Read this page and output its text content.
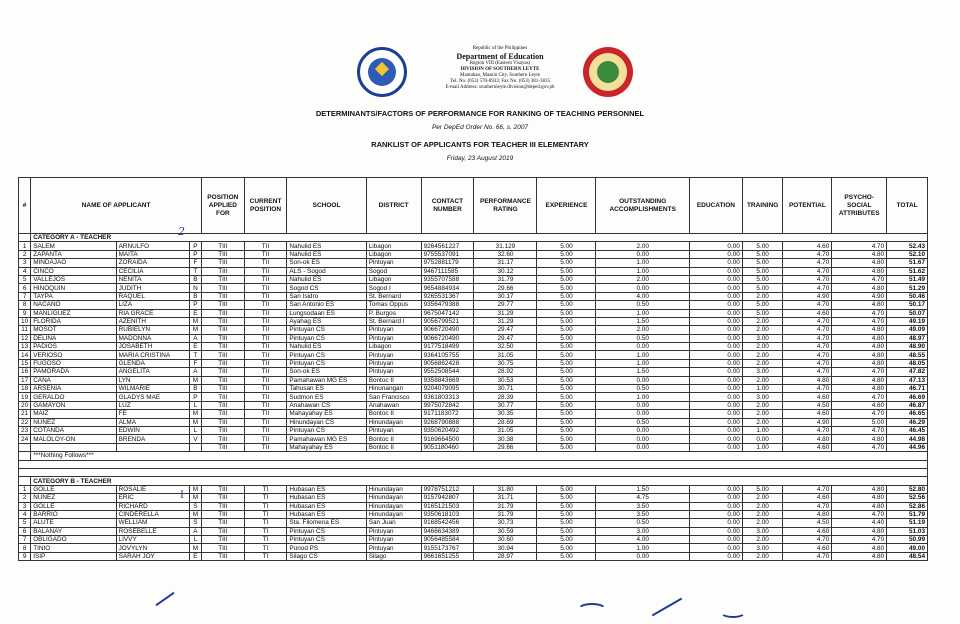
Republic of the Philippines
Department of Education
Region VIII (Eastern Visayas)
DIVISION OF SOUTHERN LEYTE
Mantahan, Maasin City, Southern Leyte
Tel. No. (053) 570-8933; Fax No. (053) 381-3835
E-mail Address: southernleyte.division@deped.gov.ph
DETERMINANTS/FACTORS OF PERFORMANCE FOR RANKING OF TEACHING PERSONNEL
Per DepEd Order No. 66, s. 2007
RANKLIST OF APPLICANTS FOR TEACHER III ELEMENTARY
Friday, 23 August 2019
#	NAME OF APPLICANT			POSITION APPLIED FOR	CURRENT POSITION	SCHOOL	DISTRICT	CONTACT NUMBER	PERFORMANCE RATING	EXPERIENCE	OUTSTANDING ACCOMPLISHMENTS	EDUCATION	TRAINING	POTENTIAL	PSYCHO-SOCIAL ATTRIBUTES	TOTAL
	CATEGORY A - TEACHER															
1	SALEM	ARNULFO	P	TIII	TII	Nahulid ES	Libagon	9264561227	31.129	5.00	2.00	0.00	5.00	4.60	4.70	52.43
2	ZAPANTA	MAITA	P	TIII	TII	Nahulid ES	Libagon	9755537091	32.60	5.00	0.00	0.00	5.00	4.70	4.80	52.10
3	MINDAJAO	ZORAIDA	F	TIII	TII	Son-ok ES	Pintuyan	9752881179	31.17	5.00	1.00	0.00	5.00	4.70	4.80	51.67
4	CINCO	CECILIA	T	TIII	TII	ALS - Sogod	Sogod	9467111585	30.12	5.00	1.00	0.00	5.00	4.70	4.80	51.62
5	VALLEJOS	NENITA	B	TIII	TII	Nahulid ES	Libagon	9355707588	31.79	5.00	2.00	0.00	5.00	4.70	4.70	51.49
6	HINOQUIN	JUDITH	N	TIII	TII	Sogod CS	Sogod I	9654884934	29.66	5.00	0.00	0.00	5.00	4.70	4.80	51.29
7	TAYPA	RAQUEL	B	TIII	TII	San Isidro	St. Bernard	9265531367	30.17	5.00	4.00	0.00	2.00	4.90	4.90	50.46
8	NACANO	LIZA	P	TIII	TII	San Antonio ES	Tomas Oppus	9356479388	29.77	5.00	0.50	0.00	5.00	4.70	4.80	50.17
9	MANLIGUEZ	RIA GRACE	E	TIII	TII	Lungsodaan ES	P. Burgos	9675047142	31.29	5.00	1.00	0.00	5.00	4.60	4.70	50.07
10	FLORIDA	AZENITH	M	TIII	TII	Ayahag ES	St. Bernard I	9056799521	31.29	5.00	1.50	0.00	2.00	4.70	4.70	49.19
11	MOSOT	RUBIELYN	M	TIII	TII	Pintuyan CS	Pintuyan	9066720490	29.47	5.00	2.00	0.00	2.00	4.70	4.80	49.09
12	DELINA	MADONNA	A	TIII	TII	Pintuyan CS	Pintuyan	9066720490	29.47	5.00	0.50	0.00	3.00	4.70	4.80	48.97
13	PADIOS	JOSABETH	E	TIII	TII	Nahulid ES	Libagon	9177518499	32.50	5.00	0.00	0.00	2.00	4.70	4.80	48.90
14	VERIOSO	MARIA CRISTINA	T	TIII	TII	Pintuyan CS	Pintuyan	9364105755	31.05	5.00	1.00	0.00	2.00	4.70	4.80	48.55
15	FUGOSO	GLENDA	F	TIII	TII	Pintuyan CS	Pintuyan	9056862428	30.75	5.00	1.00	0.00	2.00	4.70	4.80	48.05
16	PAMORADA	ANGELITA	A	TIII	TII	Son-ok ES	Pintuyan	9552508544	28.92	5.00	1.50	0.00	3.00	4.70	4.70	47.82
17	CAÑA	LYN	M	TIII	TII	Pamahawan MG ES	Bontoc II	9358843669	30.53	5.00	0.00	0.00	2.00	4.80	4.80	47.13
18	ARSENIA	WILMARIE	B	TIII	TII	Tahusan ES	Hinunangan	9204079095	30.71	5.00	0.50	0.00	1.00	4.70	4.80	46.71
19	GERALDO	GLADYS MAE	P	TIII	TII	Sudmon ES	San Francisco	9361803313	28.39	5.00	1.00	0.00	3.00	4.60	4.70	46.69
20	GAMAYON	LUZ	L	TIII	TII	Anahawan CS	Anahawan	9975072842	30.77	5.00	0.00	0.00	2.00	4.50	4.60	46.87
21	MAIZ	FE	M	TIII	TII	Mahayahay ES	Bontoc II	9171183072	30.35	5.00	0.00	0.00	2.00	4.60	4.70	46.65
22	NUÑEZ	ALMA	M	TIII	TII	Hinundayan CS	Hinundayan	9268790888	28.69	5.00	0.50	0.00	2.00	4.90	5.00	46.29
23	COTANDA	EDWIN	L	TIII	TII	Pintuyan CS	Pintuyan	9350620492	31.05	5.00	0.00	0.00	1.00	4.70	4.70	46.45
24	MALOLOY-ON	BRENDA	V	TIII	TII	Pamahawan MG ES	Bontoc II	9169664500	30.38	5.00	0.00	0.00	0.00	4.80	4.80	44.98
				TIII	TII	Mahayahay ES	Bontoc II	9051180460	29.66	5.00	0.00	0.00	1.00	4.60	4.70	44.96
	***Nothing Follows***															

	CATEGORY B - TEACHER															
1	GOLLE	ROSALIE	M	TIII	TI	Hubasan ES	Hinundayan	9978751212	31.80	5.00	1.50	0.00	5.00	4.70	4.80	52.80
2	NUÑEZ	ERIC	M	TIII	TI	Hubasan ES	Hinundayan	9157942807	31.71	5.00	4.75	0.00	2.00	4.60	4.80	52.56
3	GOLLE	RICHARD	S	TIII	TI	Hubasan ES	Hinundayan	9165121503	31.79	5.00	3.50	0.00	2.00	4.70	4.80	52.86
4	BARRIO	CINDERELLA	M	TIII	TI	Hubasan ES	Hinundayan	9350618103	31.79	5.00	3.50	0.00	2.00	4.80	4.70	51.79
5	ALUTE	WELLIAM	S	TIII	TI	Sta. Filomena ES	San Juan	9168542456	30.73	5.00	0.50	0.00	2.00	4.50	4.40	51.19
6	BALANAY	ROSEBELLE	A	TIII	TI	Pintuyan CS	Pintuyan	9466634389	30.59	5.00	3.00	0.00	3.00	4.60	4.80	51.03
7	OBLIGADO	LIVVY	L	TIII	TI	Pintuyan CS	Pintuyan	9056485584	30.60	5.00	4.00	0.00	2.00	4.70	4.70	50.99
8	TINIO	JOVYLYN	M	TIII	TI	Punod PS	Pintuyan	9155173767	30.94	5.00	1.00	0.00	3.00	4.60	4.80	49.00
9	ISIP	SARAH JOY	E	TIII	TI	Silago CS	Silago	9661651255	28.97	5.00	0.00	0.00	2.00	4.70	4.80	48.54
2
I
